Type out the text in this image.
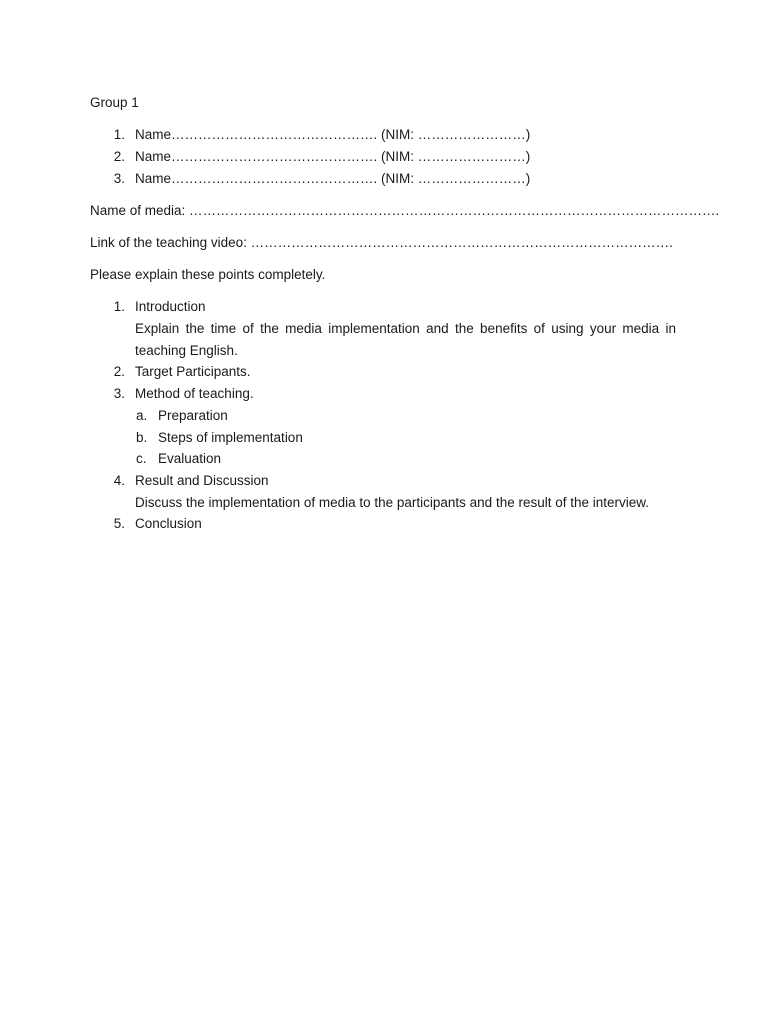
Group 1
1. Name………………………………………. (NIM: ……………………)
2. Name………………………………………. (NIM: ……………………)
3. Name………………………………………. (NIM: ……………………)
Name of media: ……………………………………………………………………………………………………….
Link of the teaching video: ………………………………………………………………………………….
Please explain these points completely.
1. Introduction
Explain the time of the media implementation and the benefits of using your media in
teaching English.
2. Target Participants.
3. Method of teaching.
a. Preparation
b. Steps of implementation
c. Evaluation
4. Result and Discussion
Discuss the implementation of media to the participants and the result of the interview.
5. Conclusion
